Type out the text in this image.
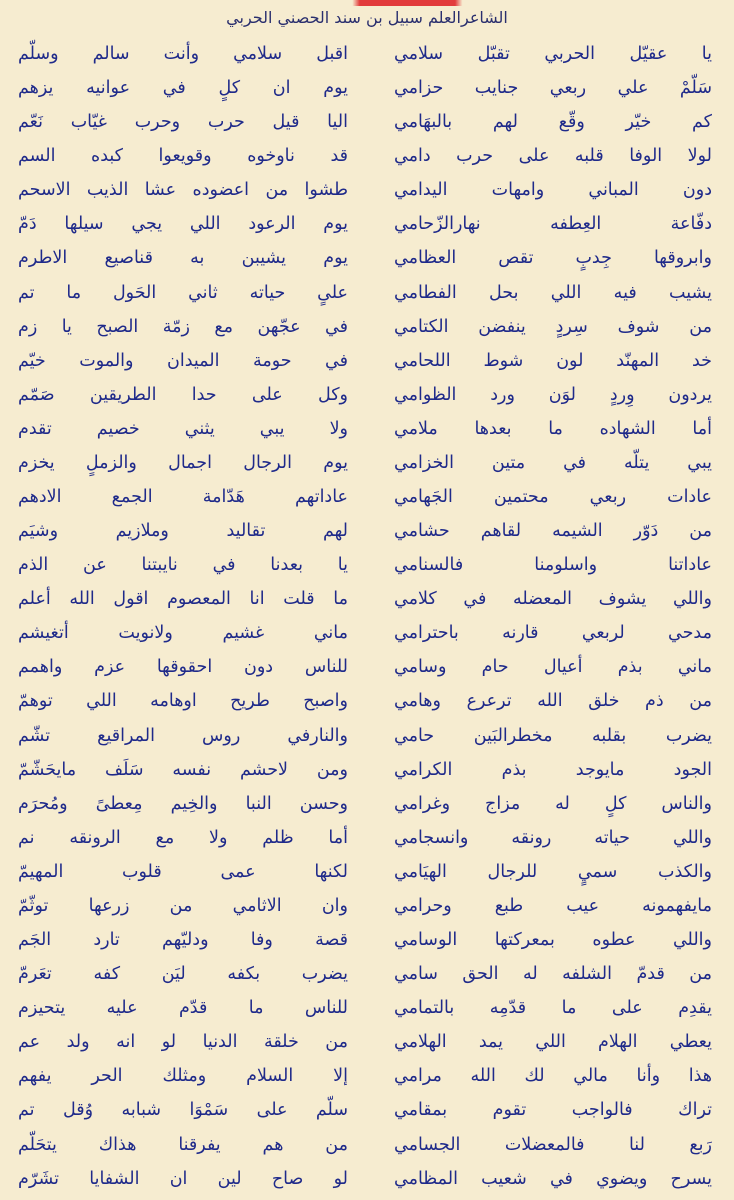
الشاعرالعلم سبيل بن سند الحصني الحربي
يا عقيّل الحربي تقبّل سلامي
اقبل سلامي وأنت سالم وسلّم
سَلّمْ علي ربعي جنايب حزامي
يوم ان كلٍ في عوانيه يزهم
كم خيّر وقّع لهم بالبهَامي
اليا قيل حرب وحرب غيّاب نَعّم
لولا الوفا قلبه على حرب دامي
قد ناوخوه وقويعوا كبده السم
دون المباني وامهات اليدامي
طشوا من اعضوده عشا الذيب الاسحم
دفّاعة العِطفه نهارالزّحامي
يوم الرعود اللي يجي سيلها دَمّ
وابروقها جِدبٍ تقص العظامي
يوم يشيبن به قناصيع الاطرم
يشيب فيه اللي بحل الفطامي
علىٍ حياته ثاني الحَول ما تم
من شوف سِردٍ ينفضن الكتامي
في عجّهن مع زمّة الصبح يا زم
خد المهنّد لون شوط اللحامي
في حومة الميدان والموت خيّم
يردون وِردٍ لوَن ورد الظوامي
وكل على حدا الطريقين صَمّم
أما الشهاده ما بعدها ملامي
ولا يبي يثني خصيم تقدم
يبي يتلّه في متين الخزامي
يوم الرجال اجمال والزملٍ يخزم
عادات ربعي محتمين الجَهامي
عاداتهم هَدّامة الجمع الادهم
من دَوّر الشيمه لقاهم حشامي
لهم تقاليد وملازيم وشيَم
عاداتنا واسلومنا فالسنامي
يا بعدنا في نايبتنا عن الذم
واللي يشوف المعضله في كلامي
ما قلت انا المعصوم اقول الله أعلم
مدحي لربعي قارنه باحترامي
ماني غشيم ولانويت أتغيشم
ماني بذم أعيال حام وسامي
للناس دون احقوقها عزم واهمم
من ذم خلق الله ترعرع وهامي
واصبح طريح اوهامه اللي توهمّ
يضرب بقلبه مخطرالبَين حامي
والنارفي روس المراقيع تشّم
الجود مايوجد بذم الكرامي
ومن لاحشم نفسه سَلَف مايحَشّمّ
والناس كلٍ له مزاج وغرامي
وحسن النبا والخِيم مِعطىً ومُحرَم
واللي حياته رونقه وانسجامي
أما ظلم ولا مع الرونقه نم
والكذب سميٍ للرجال الهيَامي
لكنها عمى قلوب المهيمّ
مايفهمونه عيب طبع وحرامي
وان الاثامي من زرعها توثّمّ
واللي عطوه بمعركتها الوسامي
قصة وفا ودليّهم تارد الجَم
من قدمّ الشلفه له الحق سامي
يضرب بكفه ليَن كفه تعَرمّ
يقدِم على ما قدّمِه بالتمامي
للناس ما قدّم عليه يتحيزم
يعطي الهلام اللي يمد الهلامي
من خلقة الدنيا لو انه ولد عم
هذا وأنا مالي لك الله مرامي
إلا السلام ومثلك الحر يفهم
تراك فالواجب تقوم بمقامي
سلّم على سَمْوَا شبابه وُقل تم
رَبع لنا فالمعضلات الجسامي
من هم يفرقنا هذاك يتحَلّم
يسرح ويضوي في شعيب المظامي
لو صاح لين ان الشفايا تشَرّم
